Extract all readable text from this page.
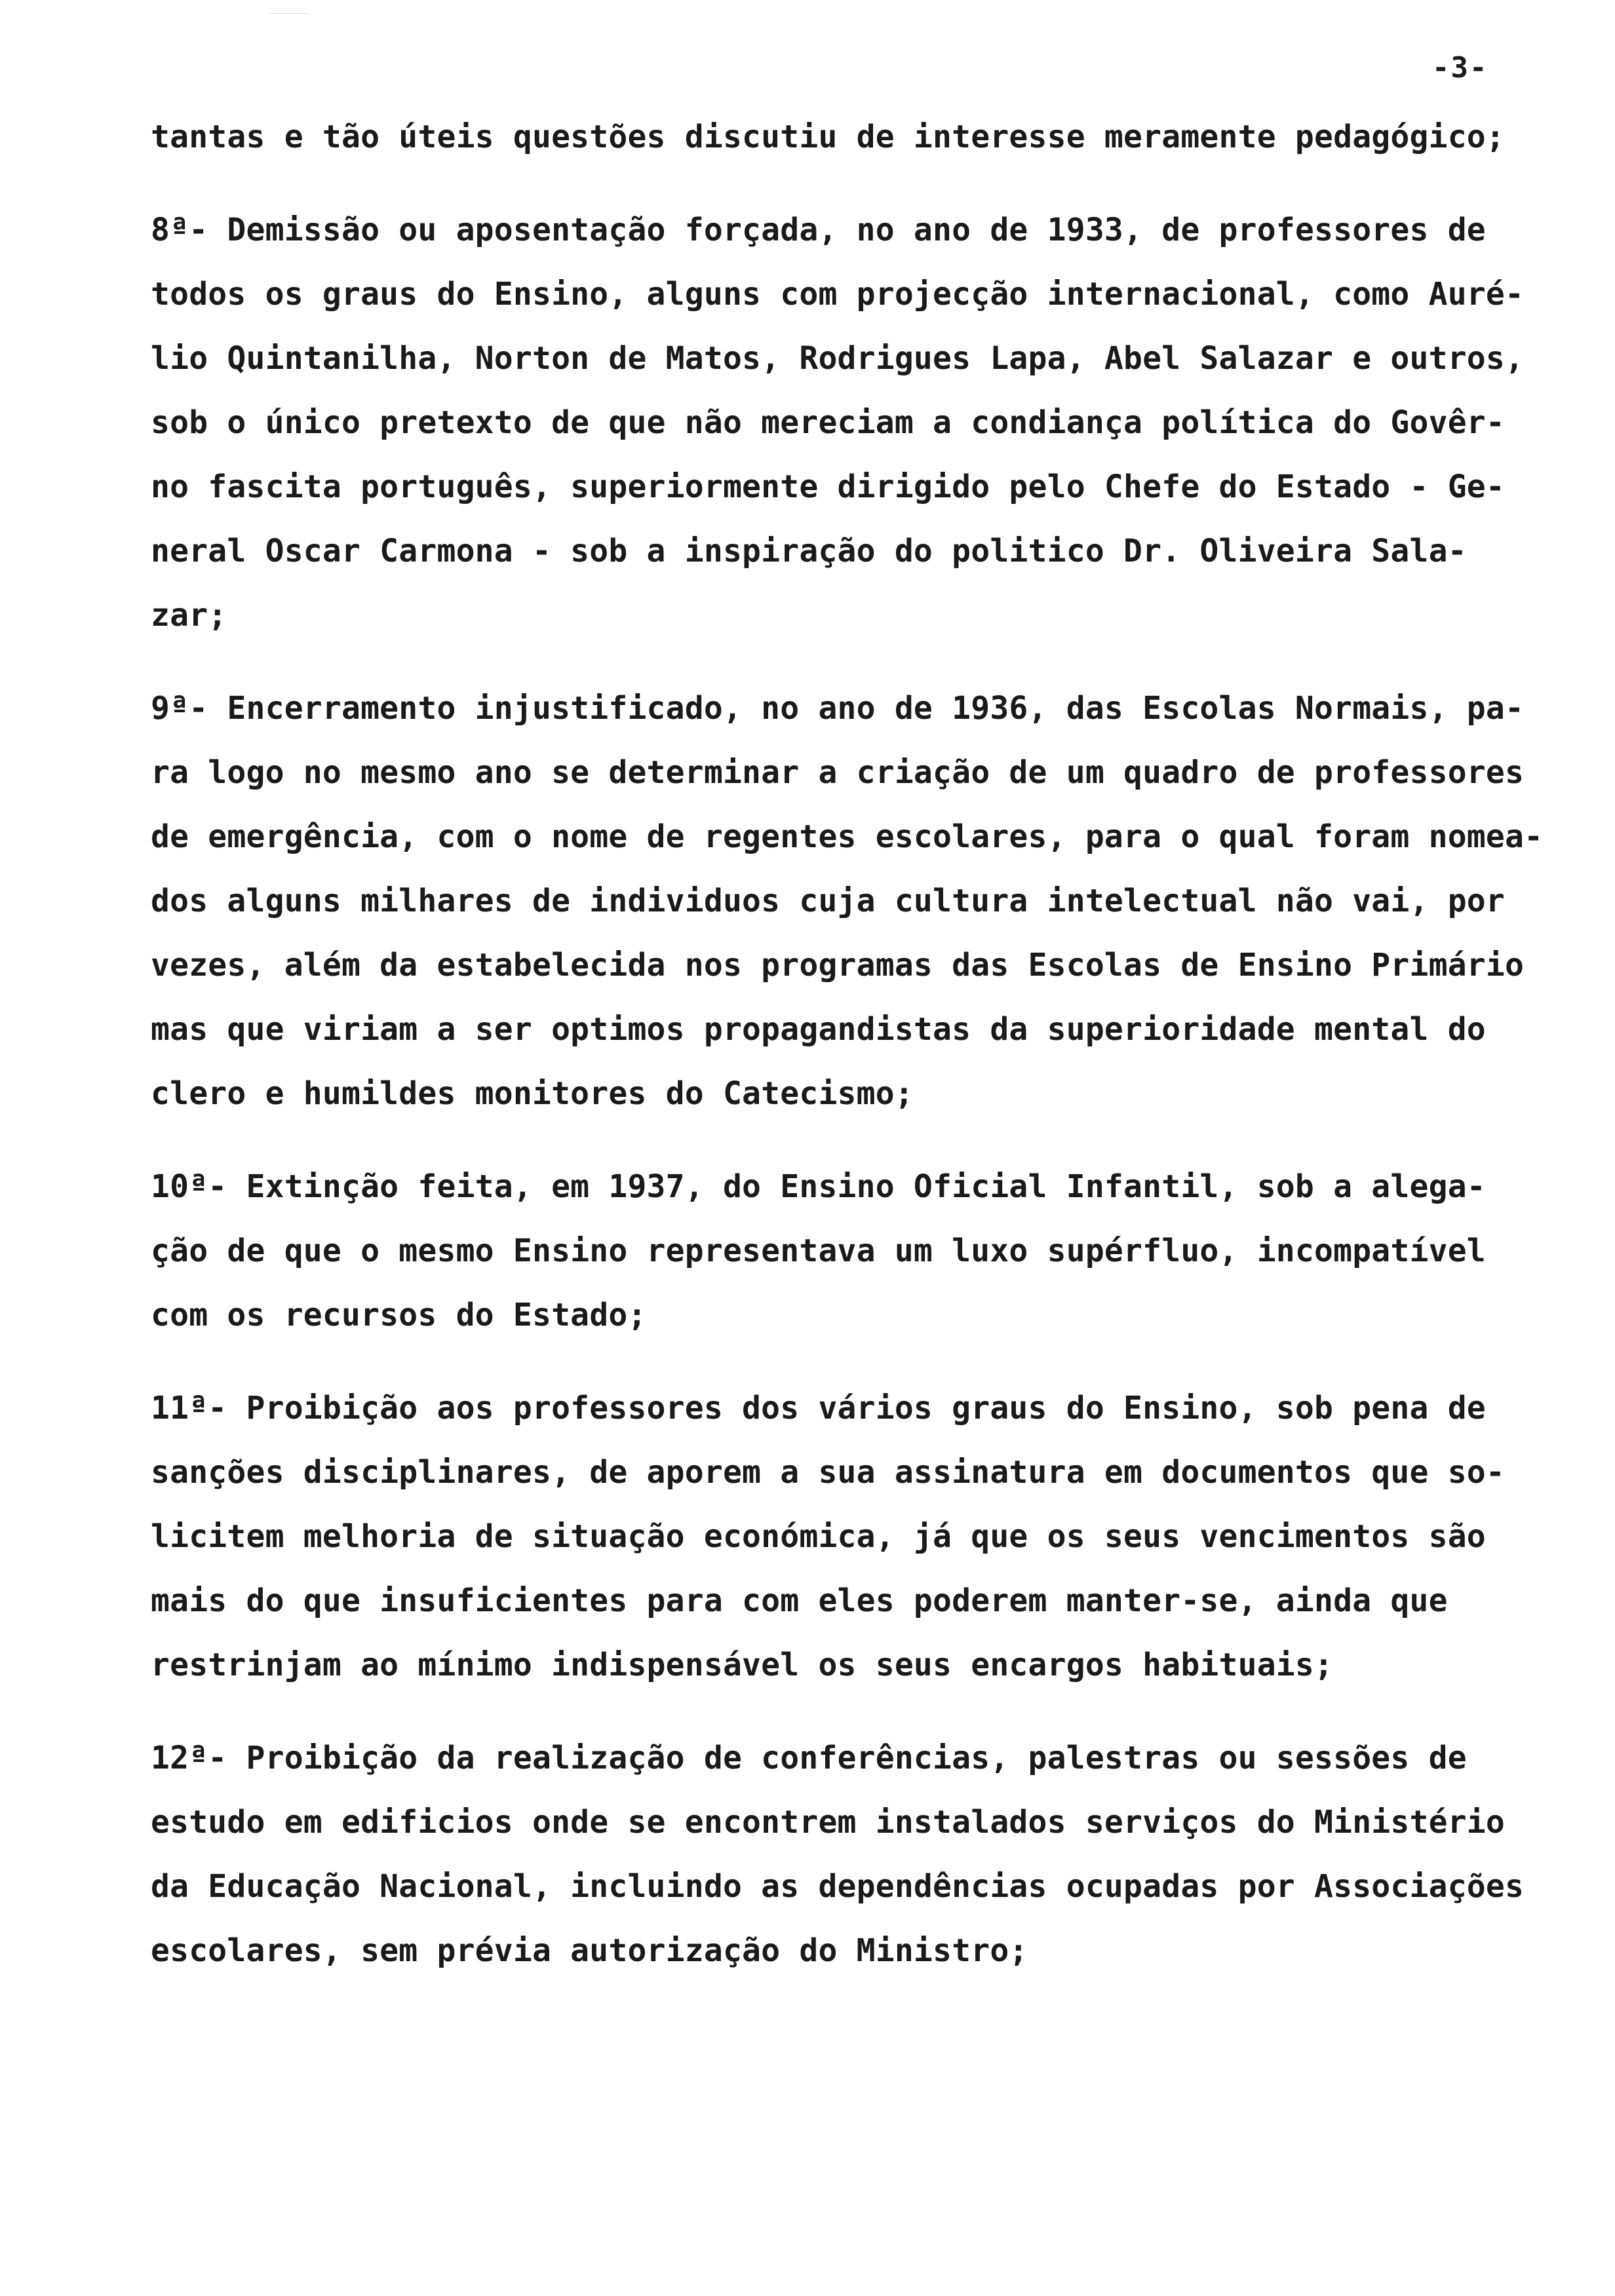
-3-
tantas e tão úteis questões discutiu de interesse meramente pedagógico;
8ª- Demissão ou aposentação forçada, no ano de 1933, de professores de
todos os graus do Ensino, alguns com projecção internacional, como Auré-
lio Quintanilha, Norton de Matos, Rodrigues Lapa, Abel Salazar e outros,
sob o único pretexto de que não mereciam a condiança política do Govêr-
no fascita português, superiormente dirigido pelo Chefe do Estado - Ge-
neral Oscar Carmona - sob a inspiração do politico Dr. Oliveira Sala-
zar;
9ª- Encerramento injustificado, no ano de 1936, das Escolas Normais, pa-
ra logo no mesmo ano se determinar a criação de um quadro de professores
de emergência, com o nome de regentes escolares, para o qual foram nomea-
dos alguns milhares de individuos cuja cultura intelectual não vai, por
vezes, além da estabelecida nos programas das Escolas de Ensino Primário
mas que viriam a ser optimos propagandistas da superioridade mental do
clero e humildes monitores do Catecismo;
10ª- Extinção feita, em 1937, do Ensino Oficial Infantil, sob a alega-
ção de que o mesmo Ensino representava um luxo supérfluo, incompatível
com os recursos do Estado;
11ª- Proibição aos professores dos vários graus do Ensino, sob pena de
sanções disciplinares, de aporem a sua assinatura em documentos que so-
licitem melhoria de situação económica, já que os seus vencimentos são
mais do que insuficientes para com eles poderem manter-se, ainda que
restrinjam ao mínimo indispensável os seus encargos habituais;
12ª- Proibição da realização de conferências, palestras ou sessões de
estudo em edificios onde se encontrem instalados serviços do Ministério
da Educação Nacional, incluindo as dependências ocupadas por Associações
escolares, sem prévia autorização do Ministro;
